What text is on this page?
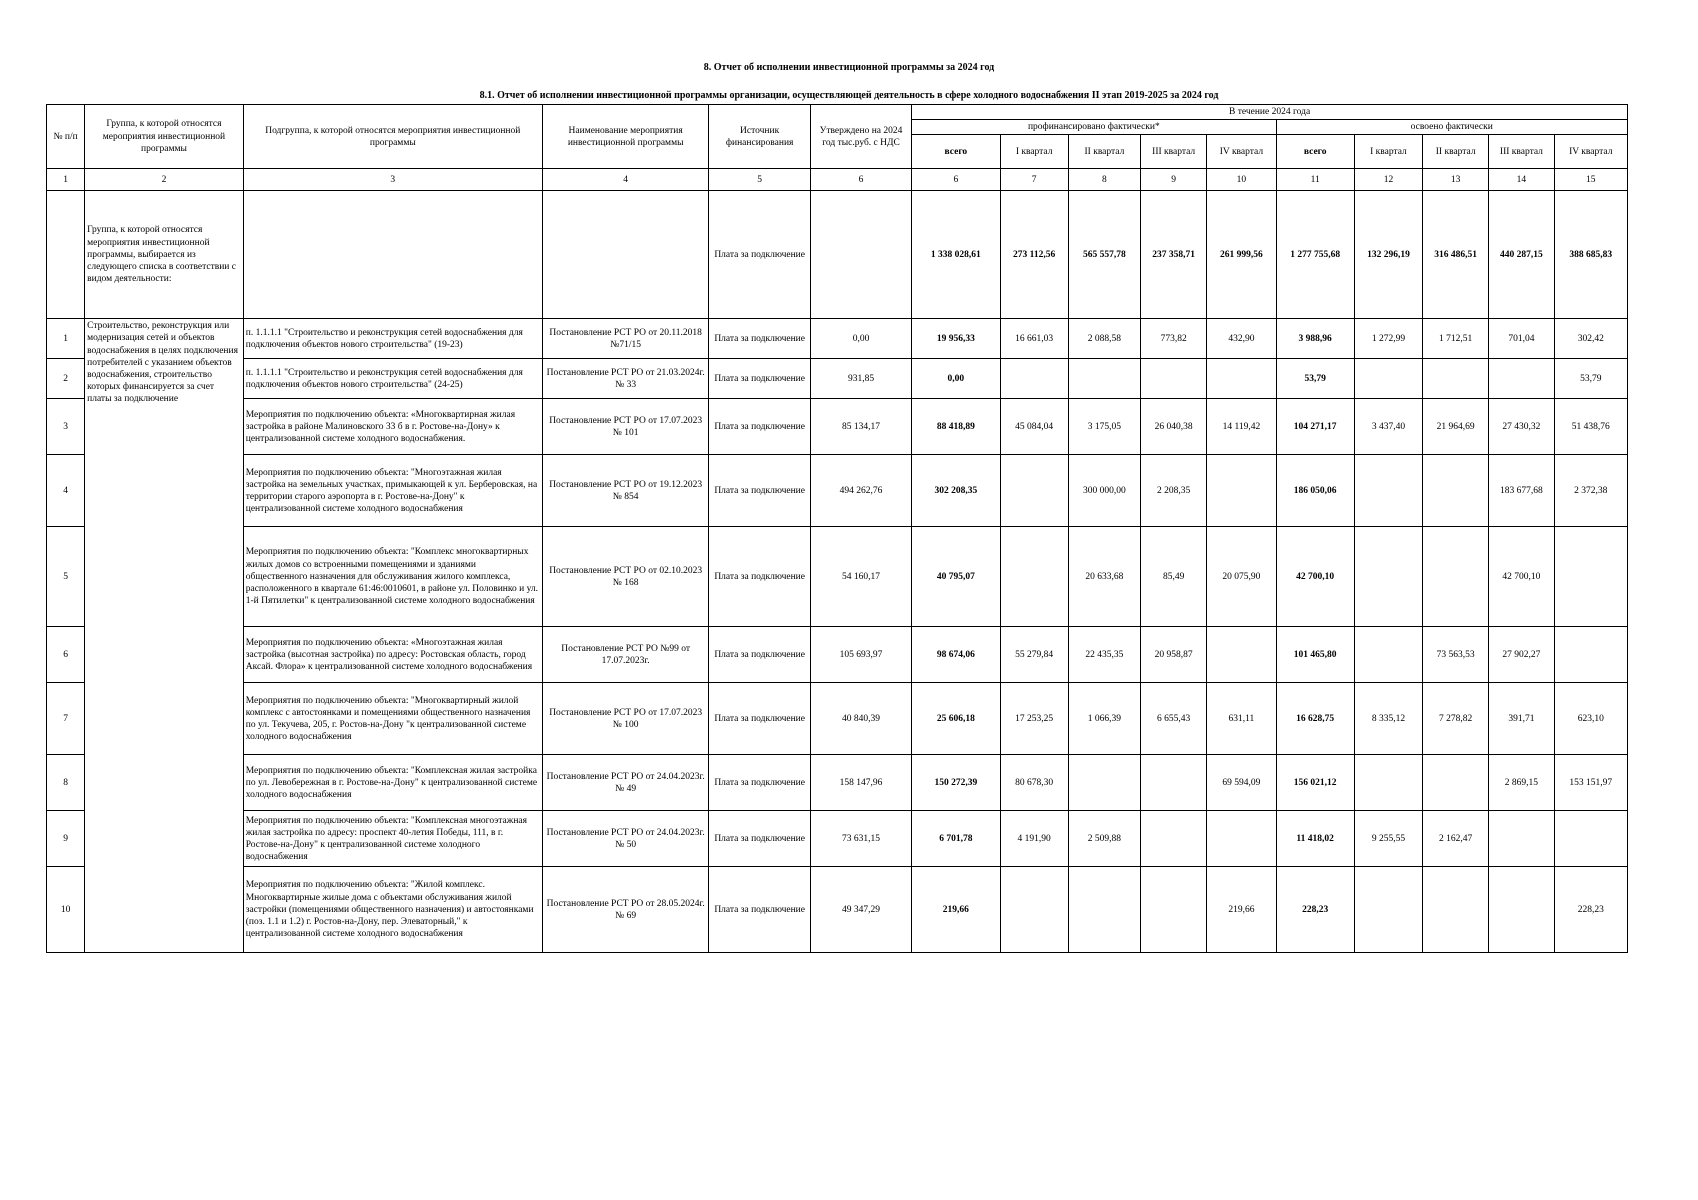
8. Отчет об исполнении инвестиционной программы за 2024 год
8.1. Отчет об исполнении инвестиционной программы организации, осуществляющей деятельность в сфере холодного водоснабжения II этап 2019-2025 за 2024 год
№ п/п	Группа, к которой относятся мероприятия инвестиционной программы	Подгруппа, к которой относятся мероприятия инвестиционной программы	Наименование мероприятия инвестиционной программы	Источник финансирования	Утверждено на 2024 год тыс.руб. с НДС	В течение 2024 года									
						профинансировано фактически*					освоено фактически				
						всего	I квартал	II квартал	III квартал	IV квартал	всего	I квартал	II квартал	III квартал	IV квартал
1	2	3	4	5	6	6	7	8	9	10	11	12	13	14	15
	Группа, к которой относятся мероприятия инвестиционной программы, выбирается из следующего списка в соответствии с видом деятельности:			Плата за подключение		1 338 028,61	273 112,56	565 557,78	237 358,71	261 999,56	1 277 755,68	132 296,19	316 486,51	440 287,15	388 685,83
1	Строительство, реконструкция или модернизация сетей и объектов водоснабжения в целях подключения потребителей с указанием объектов водоснабжения, строительство которых финансируется за счет платы за подключение	п. 1.1.1.1 "Строительство и реконструкция сетей водоснабжения для подключения объектов нового строительства" (19-23)	Постановление РСТ РО от 20.11.2018 №71/15	Плата за подключение	0,00	19 956,33	16 661,03	2 088,58	773,82	432,90	3 988,96	1 272,99	1 712,51	701,04	302,42
2		п. 1.1.1.1 "Строительство и реконструкция сетей водоснабжения для подключения объектов нового строительства" (24-25)	Постановление РСТ РО от 21.03.2024г. № 33	Плата за подключение	931,85	0,00					53,79				53,79
3		Мероприятия по подключению объекта: «Многоквартирная жилая застройка в районе Малиновского 33 б в г. Ростове-на-Дону» к централизованной системе холодного водоснабжения.	Постановление РСТ РО от 17.07.2023 № 101	Плата за подключение	85 134,17	88 418,89	45 084,04	3 175,05	26 040,38	14 119,42	104 271,17	3 437,40	21 964,69	27 430,32	51 438,76
4		Мероприятия по подключению объекта: "Многоэтажная жилая застройка на земельных участках, примыкающей к ул. Берберовская, на территории старого аэропорта в г. Ростове-на-Дону" к централизованной системе холодного водоснабжения	Постановление РСТ РО от 19.12.2023 № 854	Плата за подключение	494 262,76	302 208,35		300 000,00	2 208,35		186 050,06			183 677,68	2 372,38
5		Мероприятия по подключению объекта: "Комплекс многоквартирных жилых домов со встроенными помещениями и зданиями общественного назначения для обслуживания жилого комплекса, расположенного в квартале 61:46:0010601, в районе ул. Половинко и ул. 1-й Пятилетки" к централизованной системе холодного водоснабжения	Постановление РСТ РО от 02.10.2023 № 168	Плата за подключение	54 160,17	40 795,07		20 633,68	85,49	20 075,90	42 700,10			42 700,10	
6		Мероприятия по подключению объекта: «Многоэтажная жилая застройка (высотная застройка) по адресу: Ростовская область, город Аксай. Флора» к централизованной системе холодного водоснабжения	Постановление РСТ РО №99 от 17.07.2023г.	Плата за подключение	105 693,97	98 674,06	55 279,84	22 435,35	20 958,87		101 465,80		73 563,53	27 902,27	
7		Мероприятия по подключению объекта: "Многоквартирный жилой комплекс с автостоянками и помещениями общественного назначения по ул. Текучева, 205, г. Ростов-на-Дону "к централизованной системе холодного водоснабжения	Постановление РСТ РО от 17.07.2023 № 100	Плата за подключение	40 840,39	25 606,18	17 253,25	1 066,39	6 655,43	631,11	16 628,75	8 335,12	7 278,82	391,71	623,10
8		Мероприятия по подключению объекта: "Комплексная жилая застройка по ул. Левобережная в г. Ростове-на-Дону" к централизованной системе холодного водоснабжения	Постановление РСТ РО от 24.04.2023г. № 49	Плата за подключение	158 147,96	150 272,39	80 678,30			69 594,09	156 021,12			2 869,15	153 151,97
9		Мероприятия по подключению объекта: "Комплексная многоэтажная жилая застройка по адресу: проспект 40-летия Победы, 111, в г. Ростове-на-Дону" к централизованной системе холодного водоснабжения	Постановление РСТ РО от 24.04.2023г. № 50	Плата за подключение	73 631,15	6 701,78	4 191,90	2 509,88			11 418,02	9 255,55	2 162,47		
10		Мероприятия по подключению объекта: "Жилой комплекс. Многоквартирные жилые дома с объектами обслуживания жилой застройки (помещениями общественного назначения) и автостоянками (поз. 1.1 и 1.2) г. Ростов-на-Дону, пер. Элеваторный," к централизованной системе холодного водоснабжения	Постановление РСТ РО от 28.05.2024г. № 69	Плата за подключение	49 347,29	219,66				219,66	228,23				228,23
